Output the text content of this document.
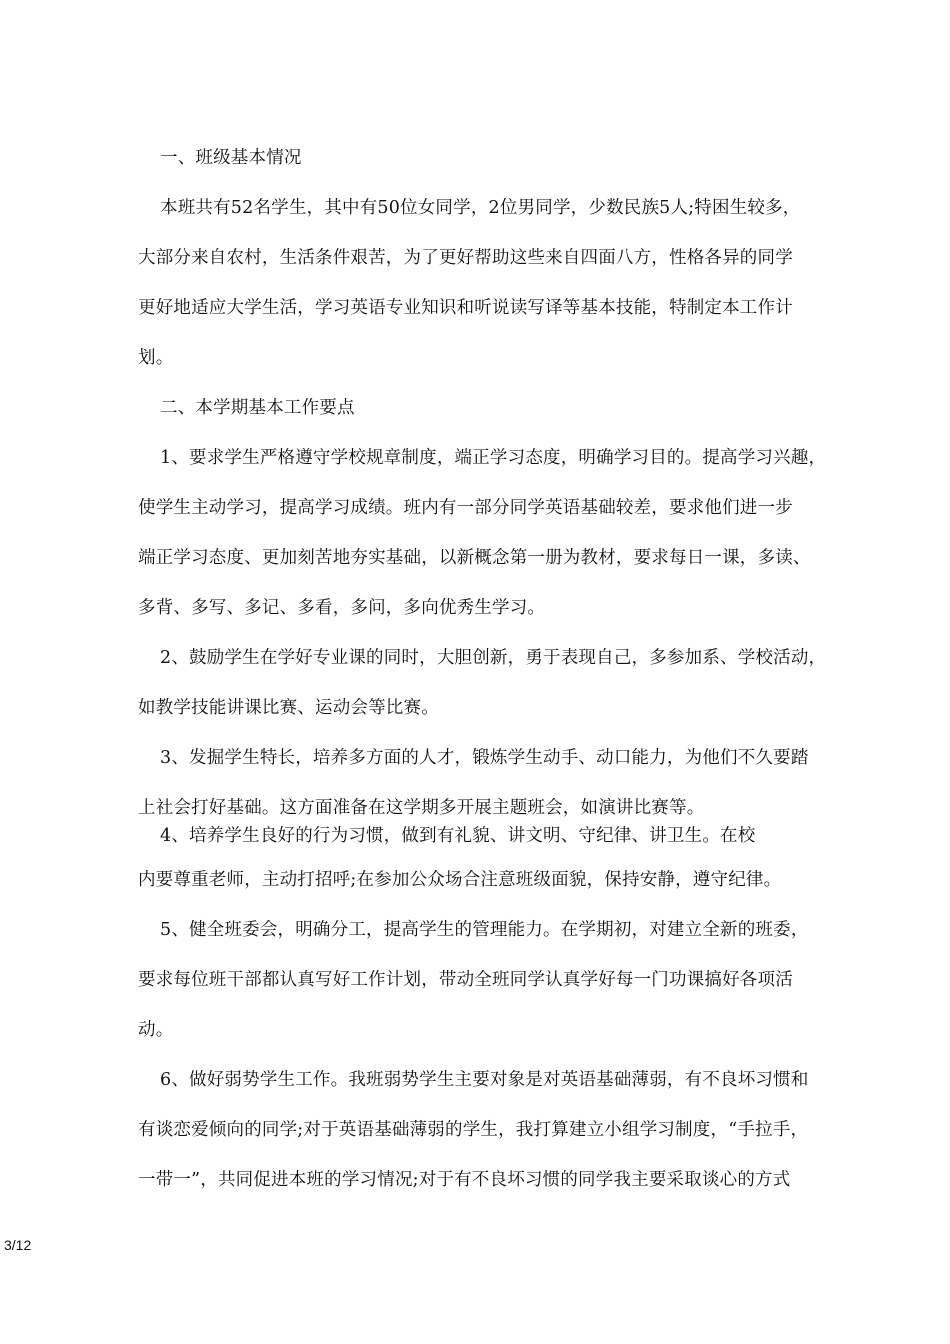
一、班级基本情况
本班共有52名学生，其中有50位女同学，2位男同学，少数民族5人;特困生较多，
大部分来自农村，生活条件艰苦，为了更好帮助这些来自四面八方，性格各异的同学
更好地适应大学生活，学习英语专业知识和听说读写译等基本技能，特制定本工作计
划。
二、本学期基本工作要点
1、要求学生严格遵守学校规章制度，端正学习态度，明确学习目的。提高学习兴趣，
使学生主动学习，提高学习成绩。班内有一部分同学英语基础较差，要求他们进一步
端正学习态度、更加刻苦地夯实基础，以新概念第一册为教材，要求每日一课，多读、
多背、多写、多记、多看，多问，多向优秀生学习。
2、鼓励学生在学好专业课的同时，大胆创新，勇于表现自己，多参加系、学校活动，
如教学技能讲课比赛、运动会等比赛。
3、发掘学生特长，培养多方面的人才，锻炼学生动手、动口能力，为他们不久要踏
上社会打好基础。这方面准备在这学期多开展主题班会，如演讲比赛等。
4、培养学生良好的行为习惯，做到有礼貌、讲文明、守纪律、讲卫生。在校
内要尊重老师，主动打招呼;在参加公众场合注意班级面貌，保持安静，遵守纪律。
5、健全班委会，明确分工，提高学生的管理能力。在学期初，对建立全新的班委，
要求每位班干部都认真写好工作计划，带动全班同学认真学好每一门功课搞好各项活
动。
6、做好弱势学生工作。我班弱势学生主要对象是对英语基础薄弱，有不良坏习惯和
有谈恋爱倾向的同学;对于英语基础薄弱的学生，我打算建立小组学习制度，“手拉手，
一带一”，共同促进本班的学习情况;对于有不良坏习惯的同学我主要采取谈心的方式
3/12
